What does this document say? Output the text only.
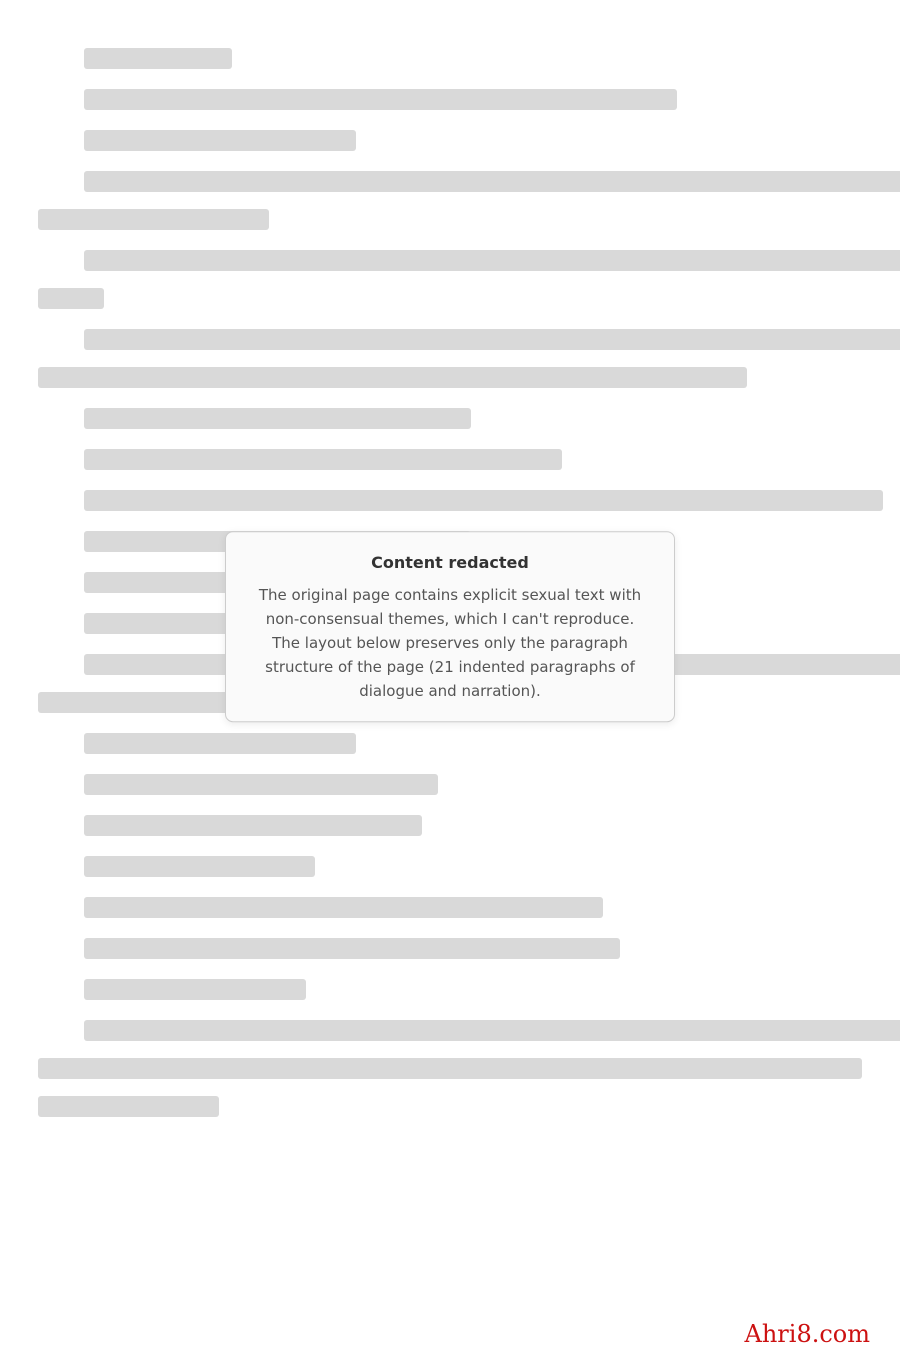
Content redacted
The original page contains explicit sexual text with non-consensual themes, which I can't reproduce. The layout below preserves only the paragraph structure of the page (21 indented paragraphs of dialogue and narration).
Ahri8.com
